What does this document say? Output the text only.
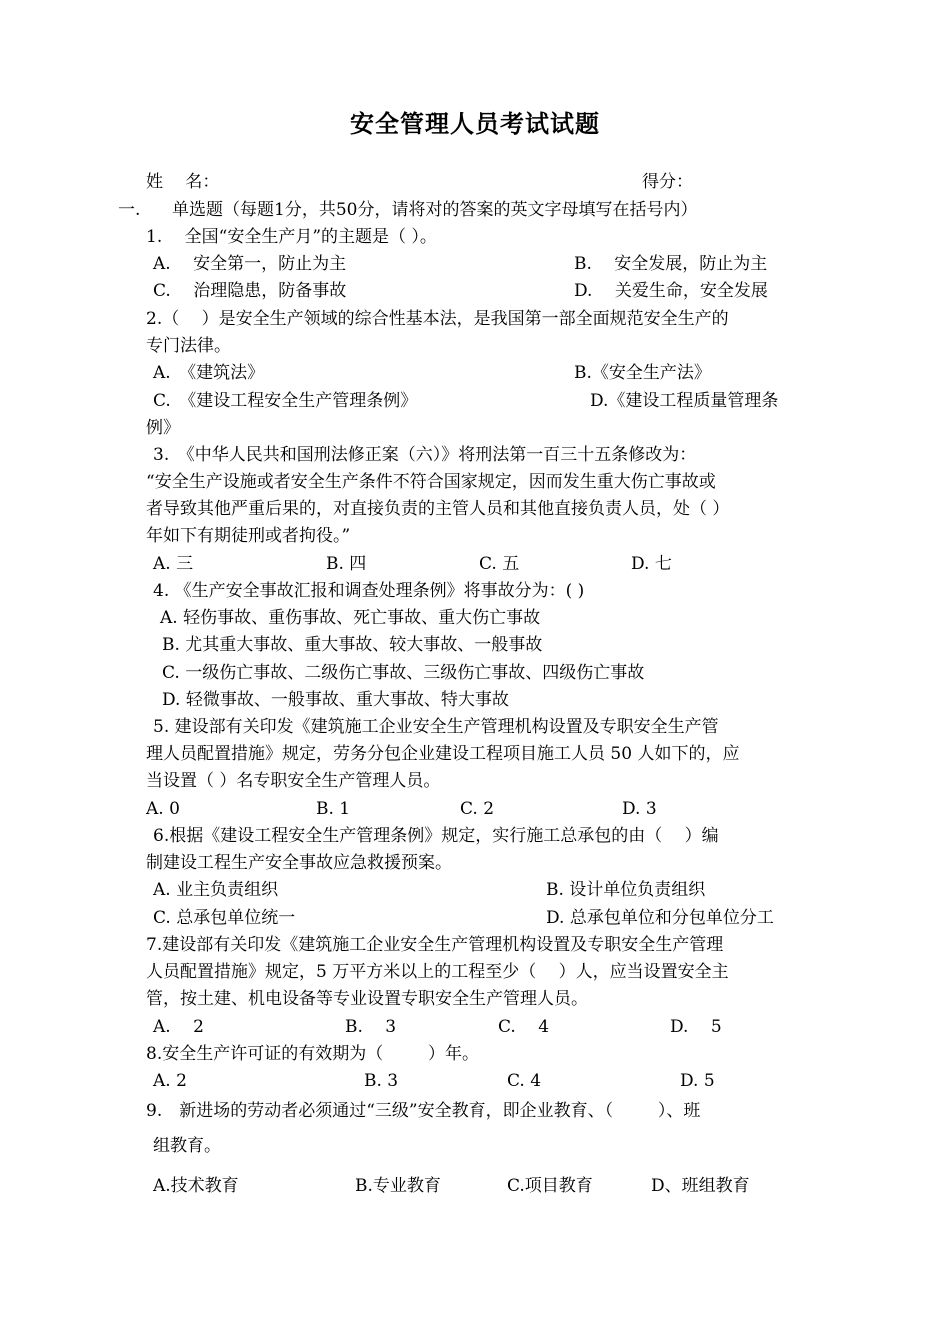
安全管理人员考试试题
姓　 名：	得分：
一. 单选题（每题1分，共50分，请将对的答案的英文字母填写在括号内）
1.　 全国“安全生产月”的主题是（ ）。
A.　 安全第一，防止为主	B.　 安全发展，防止为主
C.　 治理隐患，防备事故	D.　 关爱生命，安全发展
2.（　 ）是安全生产领域的综合性基本法，是我国第一部全面规范安全生产的
专门法律。
A.　《建筑法》	B.《安全生产法》
C.　《建设工程安全生产管理条例》	D.《建设工程质量管理条
例》
3.　《中华人民共和国刑法修正案（六）》将刑法第一百三十五条修改为：
“安全生产设施或者安全生产条件不符合国家规定，因而发生重大伤亡事故或
者导致其他严重后果的，对直接负责的主管人员和其他直接负责人员，处（ ）
年如下有期徒刑或者拘役。”
A. 三	B. 四	C. 五	D. 七
4. 《生产安全事故汇报和调查处理条例》将事故分为：( )
A. 轻伤事故、重伤事故、死亡事故、重大伤亡事故
B. 尤其重大事故、重大事故、较大事故、一般事故
C. 一级伤亡事故、二级伤亡事故、三级伤亡事故、四级伤亡事故
D. 轻微事故、一般事故、重大事故、特大事故
5. 建设部有关印发《建筑施工企业安全生产管理机构设置及专职安全生产管
理人员配置措施》规定，劳务分包企业建设工程项目施工人员 50 人如下的，应
当设置（ ）名专职安全生产管理人员。
A. 0	B. 1	C. 2	D. 3
6.根据《建设工程安全生产管理条例》规定，实行施工总承包的由（　 ）编
制建设工程生产安全事故应急救援预案。
A. 业主负责组织	B. 设计单位负责组织
C. 总承包单位统一	D. 总承包单位和分包单位分工
7.建设部有关印发《建筑施工企业安全生产管理机构设置及专职安全生产管理
人员配置措施》规定，5 万平方米以上的工程至少（　 ）人，应当设置安全主
管，按土建、机电设备等专业设置专职安全生产管理人员。
A.　 2	B.　 3	C.　 4	D.　 5
8.安全生产许可证的有效期为（　 　 ）年。
A. 2	B. 3	C. 4	D. 5
9.　新进场的劳动者必须通过“三级”安全教育，即企业教育、（　 　 ）、班
组教育。
A.技术教育	B.专业教育	C.项目教育	D、班组教育
